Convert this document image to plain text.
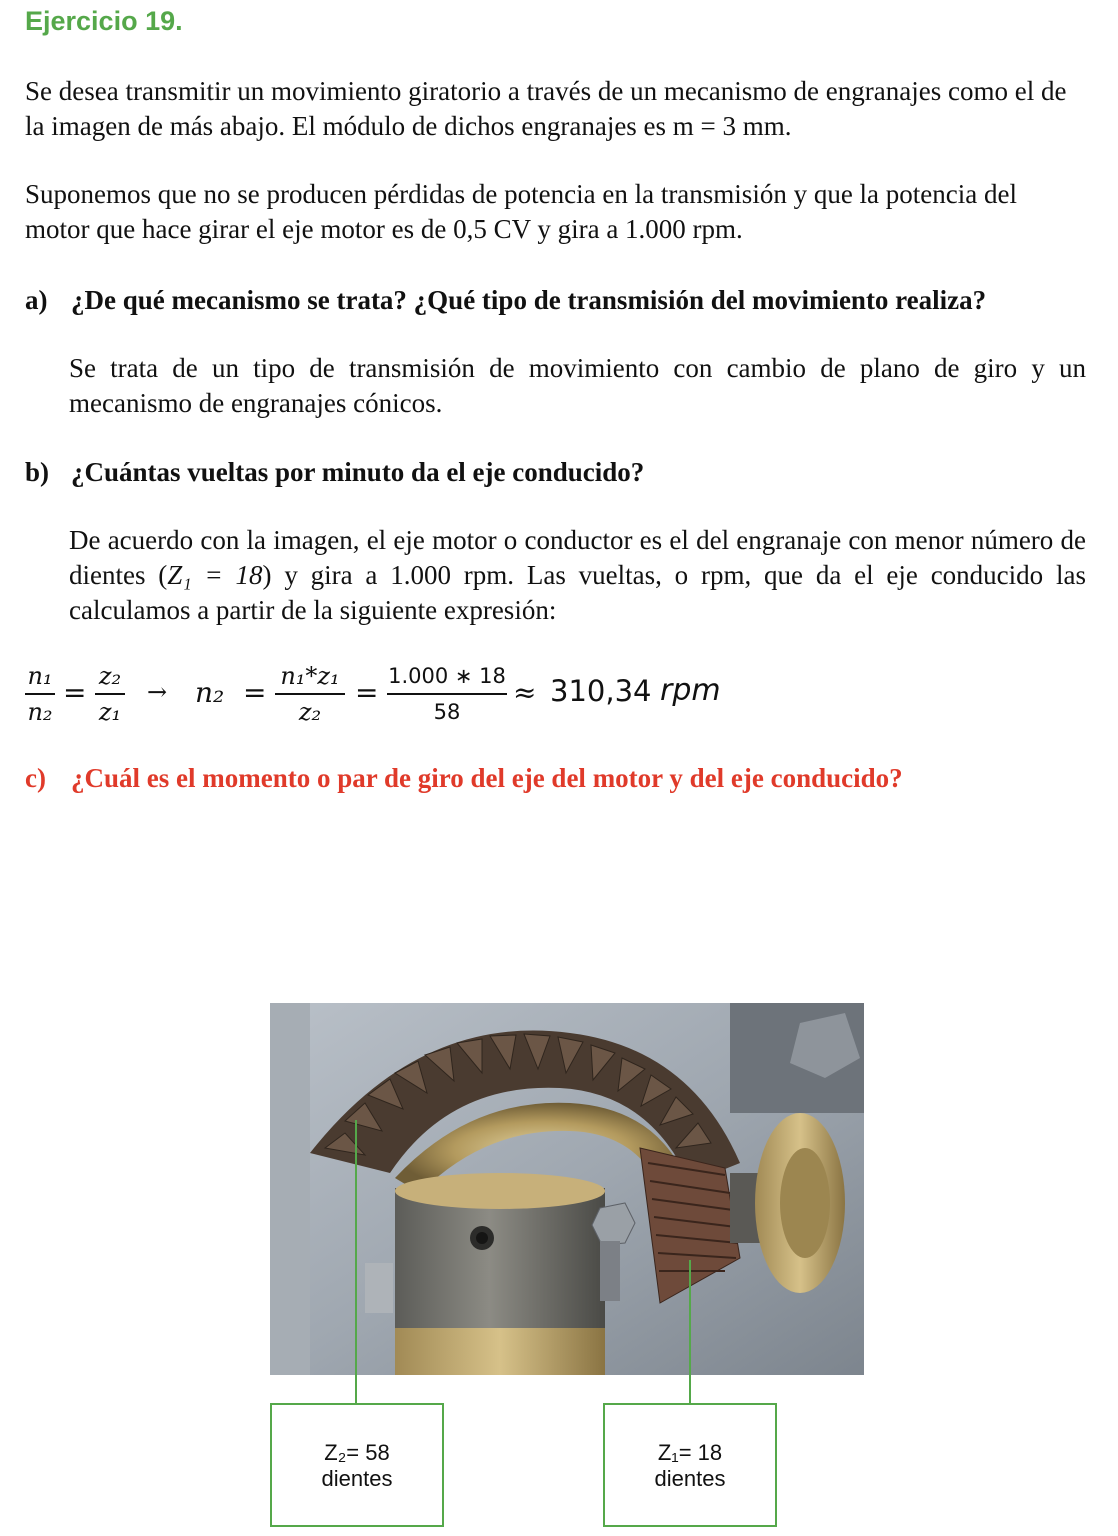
Ejercicio 19.

Se desea transmitir un movimiento giratorio a través de un mecanismo de engranajes como el de la imagen de más abajo. El módulo de dichos engranajes es m = 3 mm.

Suponemos que no se producen pérdidas de potencia en la transmisión y que la potencia del motor que hace girar el eje motor es de 0,5 CV y gira a 1.000 rpm.

a) ¿De qué mecanismo se trata? ¿Qué tipo de transmisión del movimiento realiza?

Se trata de un tipo de transmisión de movimiento con cambio de plano de giro y un mecanismo de engranajes cónicos.

b) ¿Cuántas vueltas por minuto da el eje conducido?

De acuerdo con la imagen, el eje motor o conductor es el del engranaje con menor número de dientes (Z₁ = 18) y gira a 1.000 rpm. Las vueltas, o rpm, que da el eje conducido las calculamos a partir de la siguiente expresión:

n₁
n₂
= z₂
z₁
→ n₂ = n₁*z₁
z₂
= 1.000 ∗ 18
58
≈ 310,34 rpm

c) ¿Cuál es el momento o par de giro del eje del motor y del eje conducido?

Z₂= 58
dientes
Z₁= 18
dientes
